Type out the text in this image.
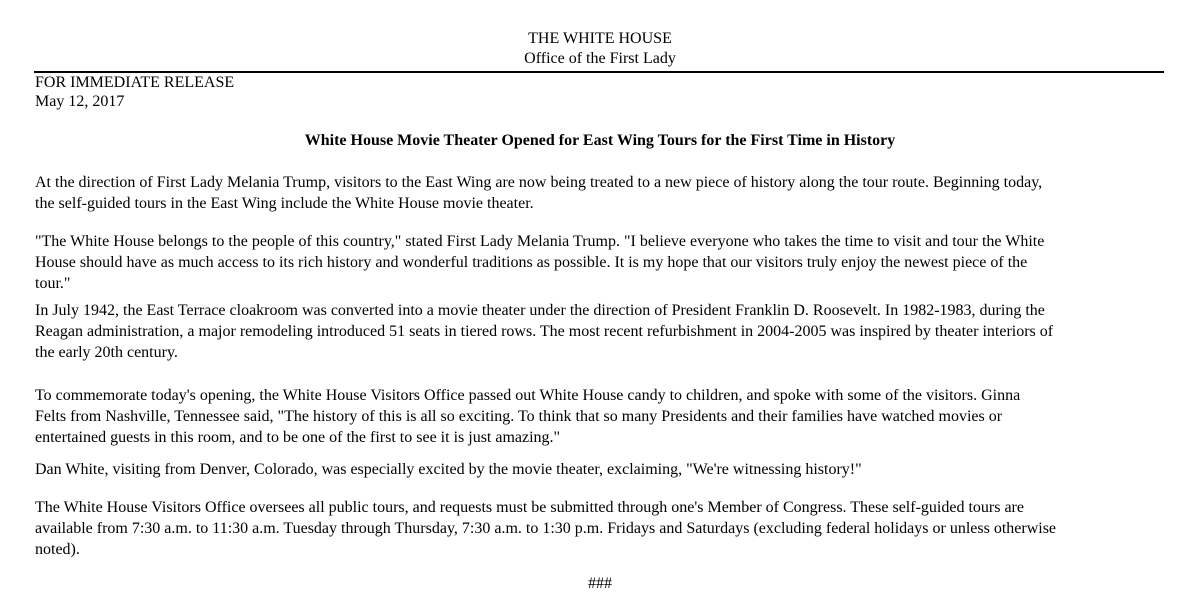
THE WHITE HOUSE
Office of the First Lady
FOR IMMEDIATE RELEASE
May 12, 2017
White House Movie Theater Opened for East Wing Tours for the First Time in History

At the direction of First Lady Melania Trump, visitors to the East Wing are now being treated to a new piece of history along the tour route. Beginning today,
the self-guided tours in the East Wing include the White House movie theater.

"The White House belongs to the people of this country," stated First Lady Melania Trump. "I believe everyone who takes the time to visit and tour the White
House should have as much access to its rich history and wonderful traditions as possible. It is my hope that our visitors truly enjoy the newest piece of the
tour."

In July 1942, the East Terrace cloakroom was converted into a movie theater under the direction of President Franklin D. Roosevelt. In 1982-1983, during the
Reagan administration, a major remodeling introduced 51 seats in tiered rows. The most recent refurbishment in 2004-2005 was inspired by theater interiors of
the early 20th century.

To commemorate today's opening, the White House Visitors Office passed out White House candy to children, and spoke with some of the visitors. Ginna
Felts from Nashville, Tennessee said, "The history of this is all so exciting. To think that so many Presidents and their families have watched movies or
entertained guests in this room, and to be one of the first to see it is just amazing."

Dan White, visiting from Denver, Colorado, was especially excited by the movie theater, exclaiming, "We're witnessing history!"

The White House Visitors Office oversees all public tours, and requests must be submitted through one's Member of Congress. These self-guided tours are
available from 7:30 a.m. to 11:30 a.m. Tuesday through Thursday, 7:30 a.m. to 1:30 p.m. Fridays and Saturdays (excluding federal holidays or unless otherwise
noted).

###
